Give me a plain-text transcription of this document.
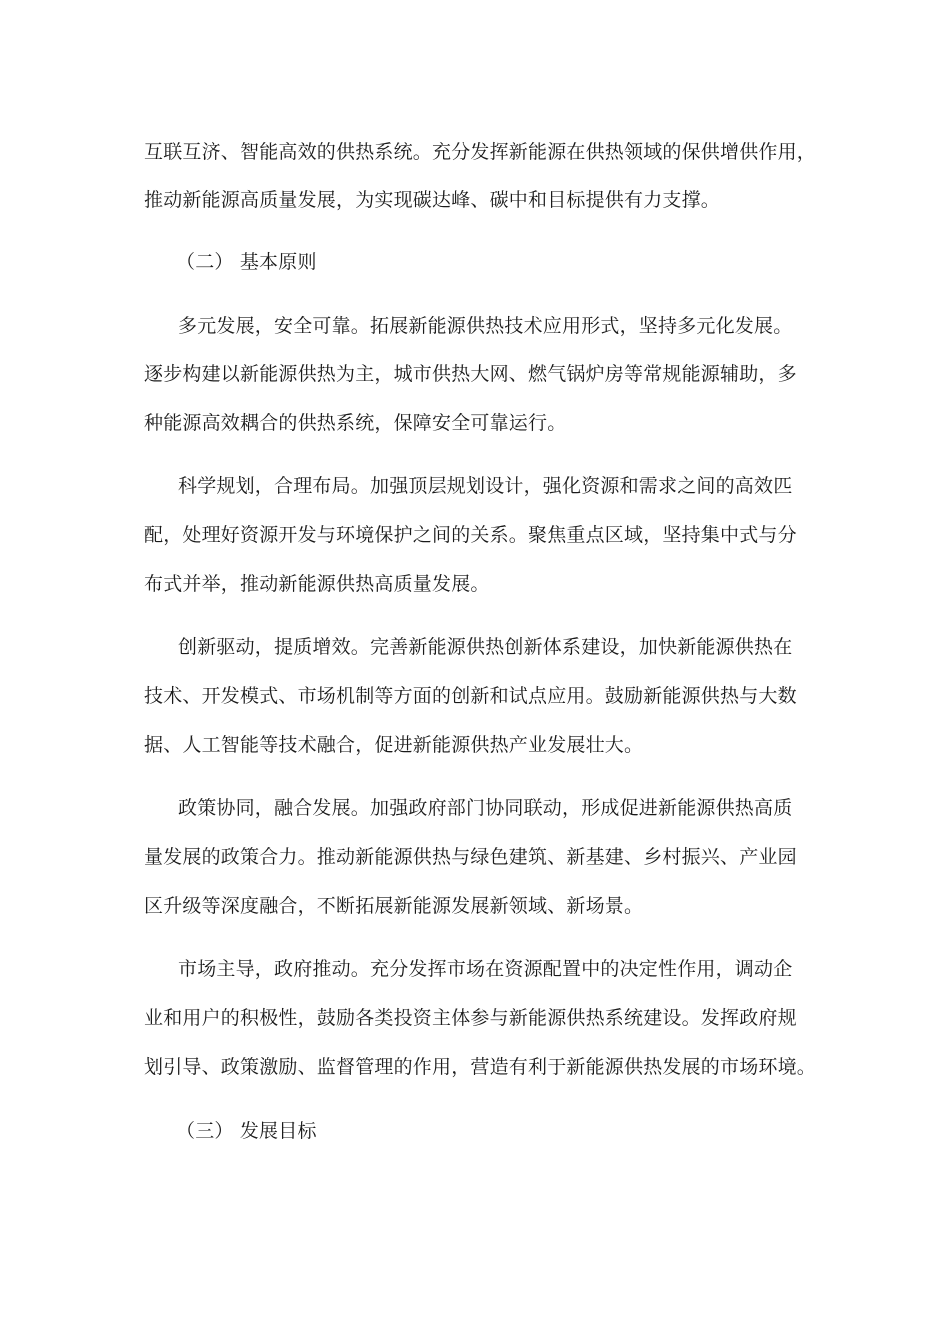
互联互济、智能高效的供热系统。充分发挥新能源在供热领域的保供增供作用，
推动新能源高质量发展，为实现碳达峰、碳中和目标提供有力支撑。
（二） 基本原则
多元发展，安全可靠。拓展新能源供热技术应用形式，坚持多元化发展。
逐步构建以新能源供热为主，城市供热大网、燃气锅炉房等常规能源辅助，多
种能源高效耦合的供热系统，保障安全可靠运行。
科学规划，合理布局。加强顶层规划设计，强化资源和需求之间的高效匹
配，处理好资源开发与环境保护之间的关系。聚焦重点区域，坚持集中式与分
布式并举，推动新能源供热高质量发展。
创新驱动，提质增效。完善新能源供热创新体系建设，加快新能源供热在
技术、开发模式、市场机制等方面的创新和试点应用。鼓励新能源供热与大数
据、人工智能等技术融合，促进新能源供热产业发展壮大。
政策协同，融合发展。加强政府部门协同联动，形成促进新能源供热高质
量发展的政策合力。推动新能源供热与绿色建筑、新基建、乡村振兴、产业园
区升级等深度融合，不断拓展新能源发展新领域、新场景。
市场主导，政府推动。充分发挥市场在资源配置中的决定性作用，调动企
业和用户的积极性，鼓励各类投资主体参与新能源供热系统建设。发挥政府规
划引导、政策激励、监督管理的作用，营造有利于新能源供热发展的市场环境。
（三） 发展目标
